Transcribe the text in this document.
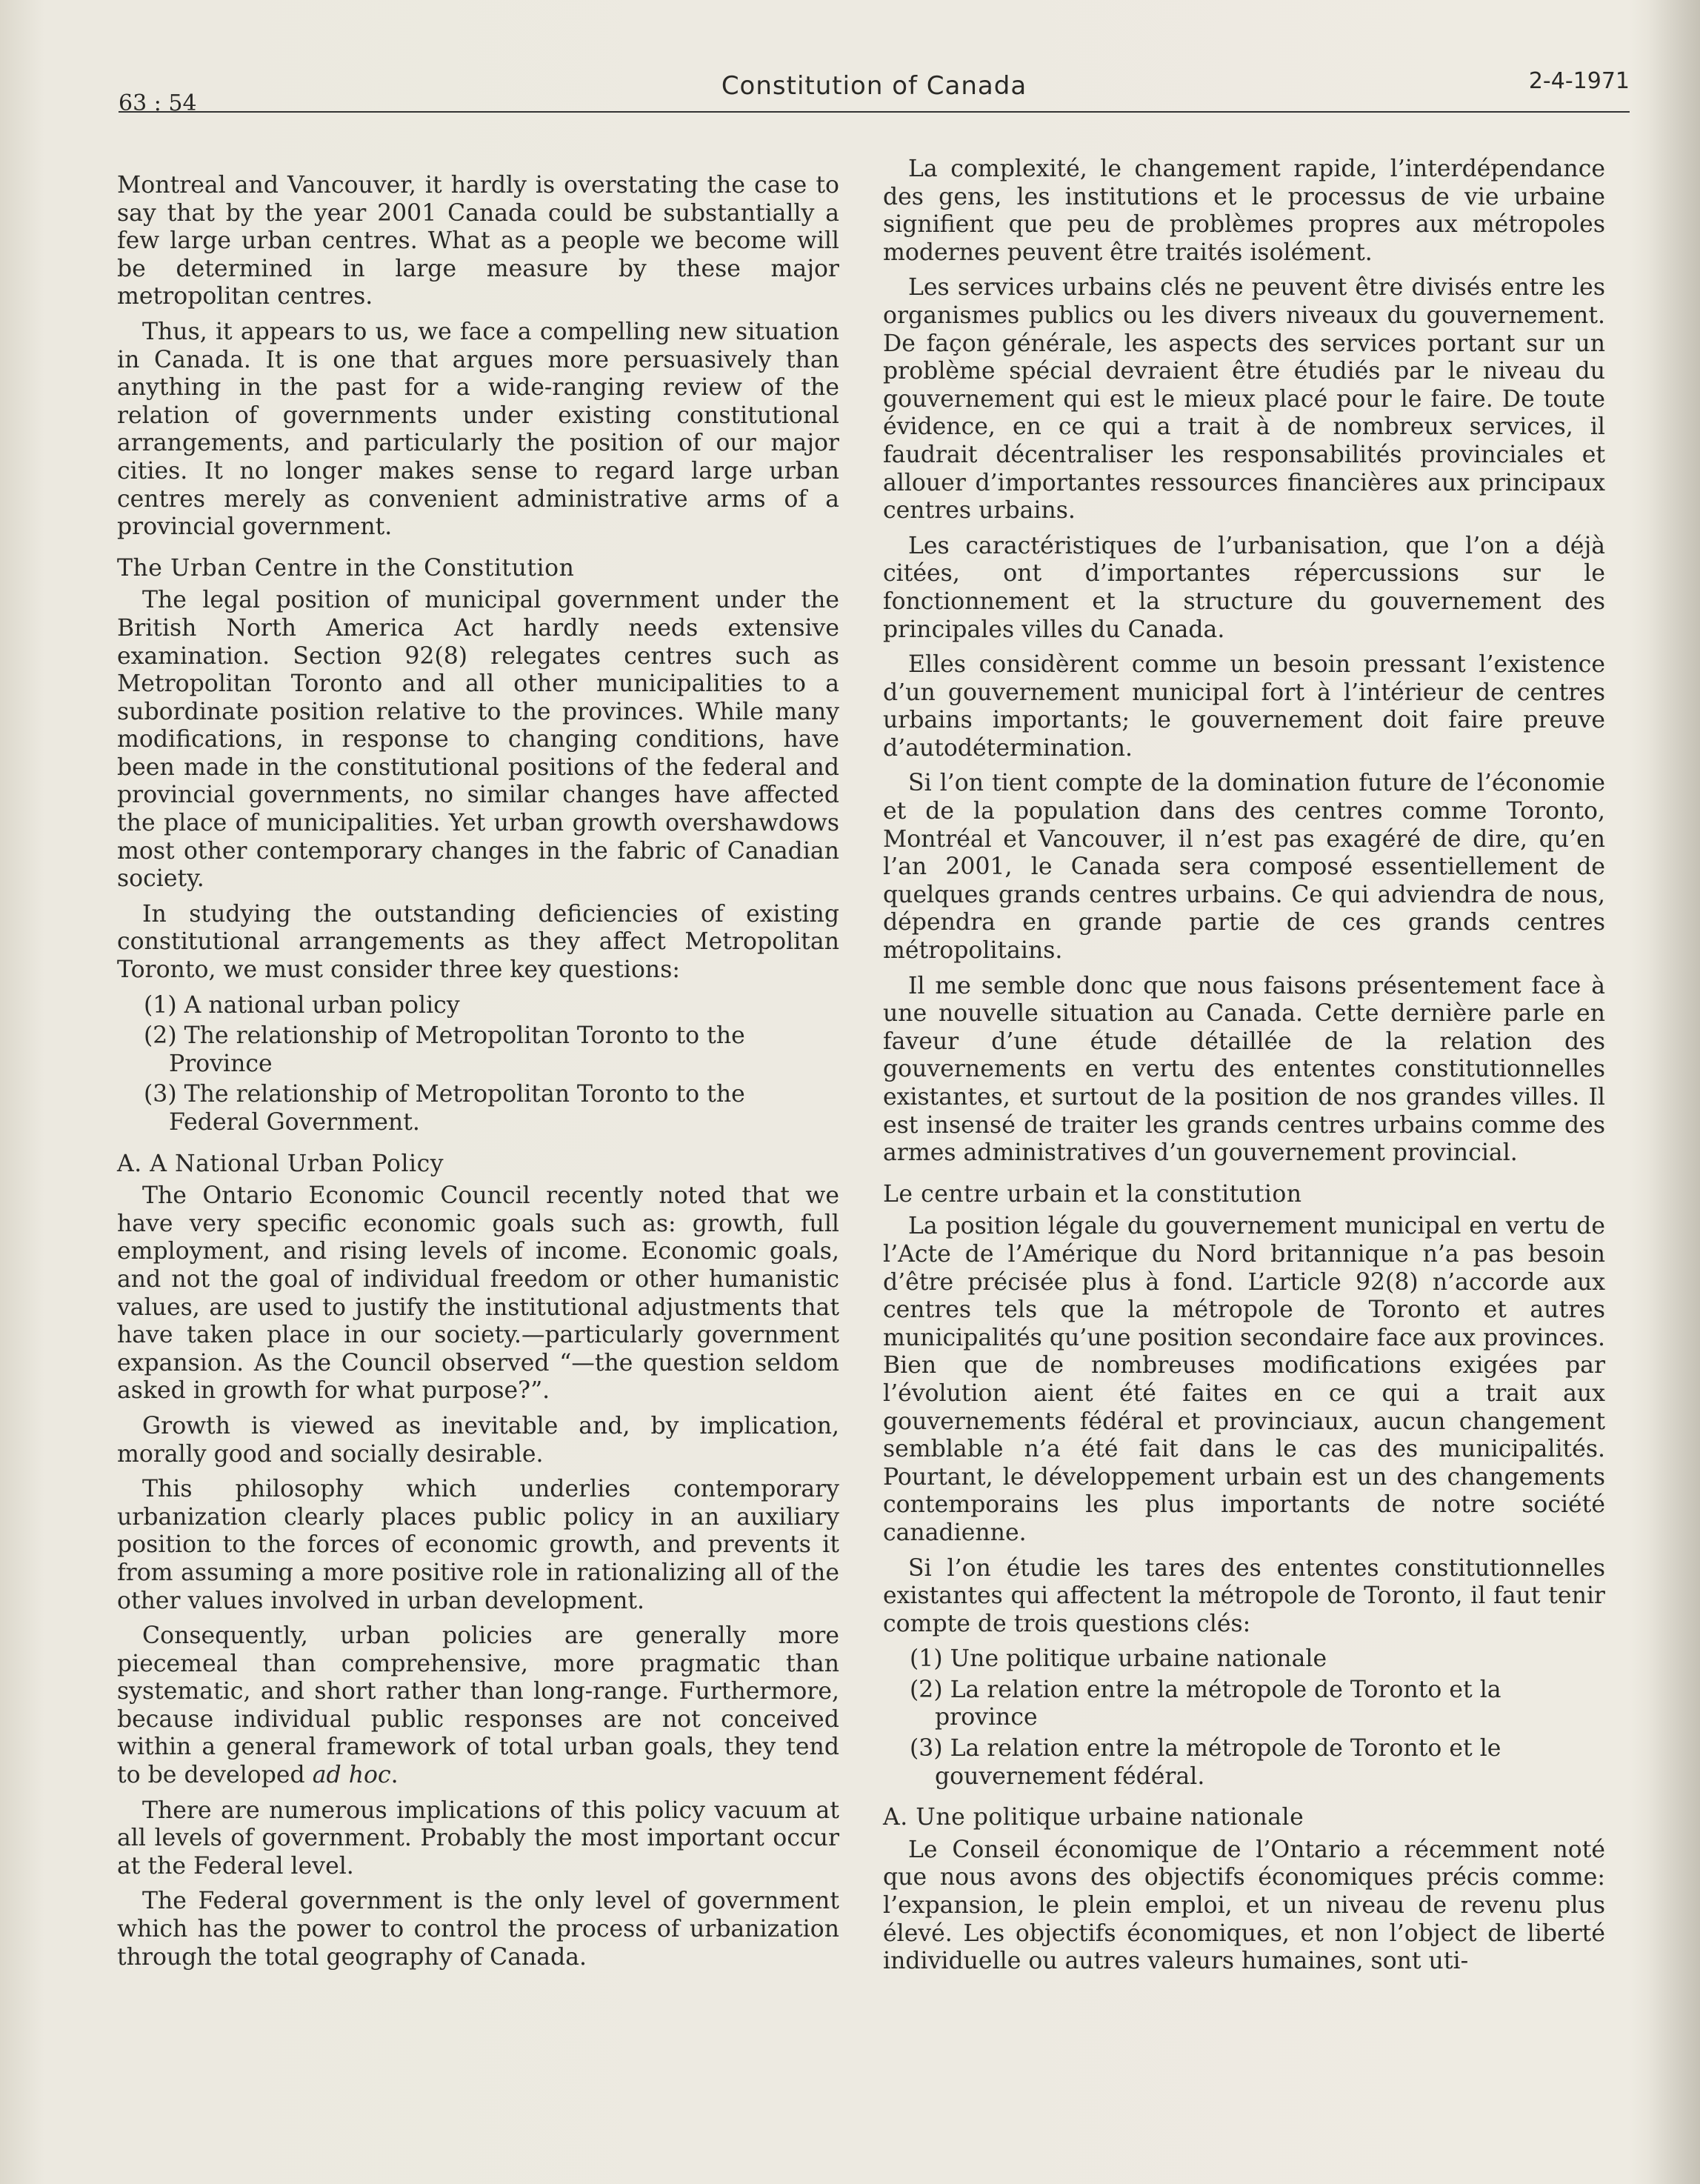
63 : 54
Constitution of Canada	2-4-1971

Montreal and Vancouver, it hardly is overstating the case to say that by the year 2001 Canada could be substantially a few large urban centres. What as a people we become will be determined in large measure by these major metropolitan centres.

Thus, it appears to us, we face a compelling new situation in Canada. It is one that argues more persuasively than anything in the past for a wide-ranging review of the relation of governments under existing constitutional arrangements, and particularly the position of our major cities. It no longer makes sense to regard large urban centres merely as convenient administrative arms of a provincial government.

The Urban Centre in the Constitution

The legal position of municipal government under the British North America Act hardly needs extensive examination. Section 92(8) relegates centres such as Metropolitan Toronto and all other municipalities to a subordinate position relative to the provinces. While many modifications, in response to changing conditions, have been made in the constitutional positions of the federal and provincial governments, no similar changes have affected the place of municipalities. Yet urban growth overshawdows most other contemporary changes in the fabric of Canadian society.

In studying the outstanding deficiencies of existing constitutional arrangements as they affect Metropolitan Toronto, we must consider three key questions:

(1) A national urban policy
(2) The relationship of Metropolitan Toronto to the Province
(3) The relationship of Metropolitan Toronto to the Federal Government.
A. A National Urban Policy

The Ontario Economic Council recently noted that we have very specific economic goals such as: growth, full employment, and rising levels of income. Economic goals, and not the goal of individual freedom or other humanistic values, are used to justify the institutional adjustments that have taken place in our society.—particularly government expansion. As the Council observed “—the question seldom asked in growth for what purpose?”.

Growth is viewed as inevitable and, by implication, morally good and socially desirable.

This philosophy which underlies contemporary urbanization clearly places public policy in an auxiliary position to the forces of economic growth, and prevents it from assuming a more positive role in rationalizing all of the other values involved in urban development.

Consequently, urban policies are generally more piecemeal than comprehensive, more pragmatic than systematic, and short rather than long-range. Furthermore, because individual public responses are not conceived within a general framework of total urban goals, they tend to be developed ad hoc.

There are numerous implications of this policy vacuum at all levels of government. Probably the most important occur at the Federal level.

The Federal government is the only level of government which has the power to control the process of urbanization through the total geography of Canada.

La complexité, le changement rapide, l’interdépendance des gens, les institutions et le processus de vie urbaine signifient que peu de problèmes propres aux métropoles modernes peuvent être traités isolément.

Les services urbains clés ne peuvent être divisés entre les organismes publics ou les divers niveaux du gouvernement. De façon générale, les aspects des services portant sur un problème spécial devraient être étudiés par le niveau du gouvernement qui est le mieux placé pour le faire. De toute évidence, en ce qui a trait à de nombreux services, il faudrait décentraliser les responsabilités provinciales et allouer d’importantes ressources financières aux principaux centres urbains.

Les caractéristiques de l’urbanisation, que l’on a déjà citées, ont d’importantes répercussions sur le fonctionnement et la structure du gouvernement des principales villes du Canada.

Elles considèrent comme un besoin pressant l’existence d’un gouvernement municipal fort à l’intérieur de centres urbains importants; le gouvernement doit faire preuve d’autodétermination.

Si l’on tient compte de la domination future de l’économie et de la population dans des centres comme Toronto, Montréal et Vancouver, il n’est pas exagéré de dire, qu’en l’an 2001, le Canada sera composé essentiellement de quelques grands centres urbains. Ce qui adviendra de nous, dépendra en grande partie de ces grands centres métropolitains.

Il me semble donc que nous faisons présentement face à une nouvelle situation au Canada. Cette dernière parle en faveur d’une étude détaillée de la relation des gouvernements en vertu des ententes constitutionnelles existantes, et surtout de la position de nos grandes villes. Il est insensé de traiter les grands centres urbains comme des armes administratives d’un gouvernement provincial.

Le centre urbain et la constitution

La position légale du gouvernement municipal en vertu de l’Acte de l’Amérique du Nord britannique n’a pas besoin d’être précisée plus à fond. L’article 92(8) n’accorde aux centres tels que la métropole de Toronto et autres municipalités qu’une position secondaire face aux provinces. Bien que de nombreuses modifications exigées par l’évolution aient été faites en ce qui a trait aux gouvernements fédéral et provinciaux, aucun changement semblable n’a été fait dans le cas des municipalités. Pourtant, le développement urbain est un des changements contemporains les plus importants de notre société canadienne.

Si l’on étudie les tares des ententes constitutionnelles existantes qui affectent la métropole de Toronto, il faut tenir compte de trois questions clés:

(1) Une politique urbaine nationale
(2) La relation entre la métropole de Toronto et la province
(3) La relation entre la métropole de Toronto et le gouvernement fédéral.
A. Une politique urbaine nationale

Le Conseil économique de l’Ontario a récemment noté que nous avons des objectifs économiques précis comme: l’expansion, le plein emploi, et un niveau de revenu plus élevé. Les objectifs économiques, et non l’object de liberté individuelle ou autres valeurs humaines, sont uti-
